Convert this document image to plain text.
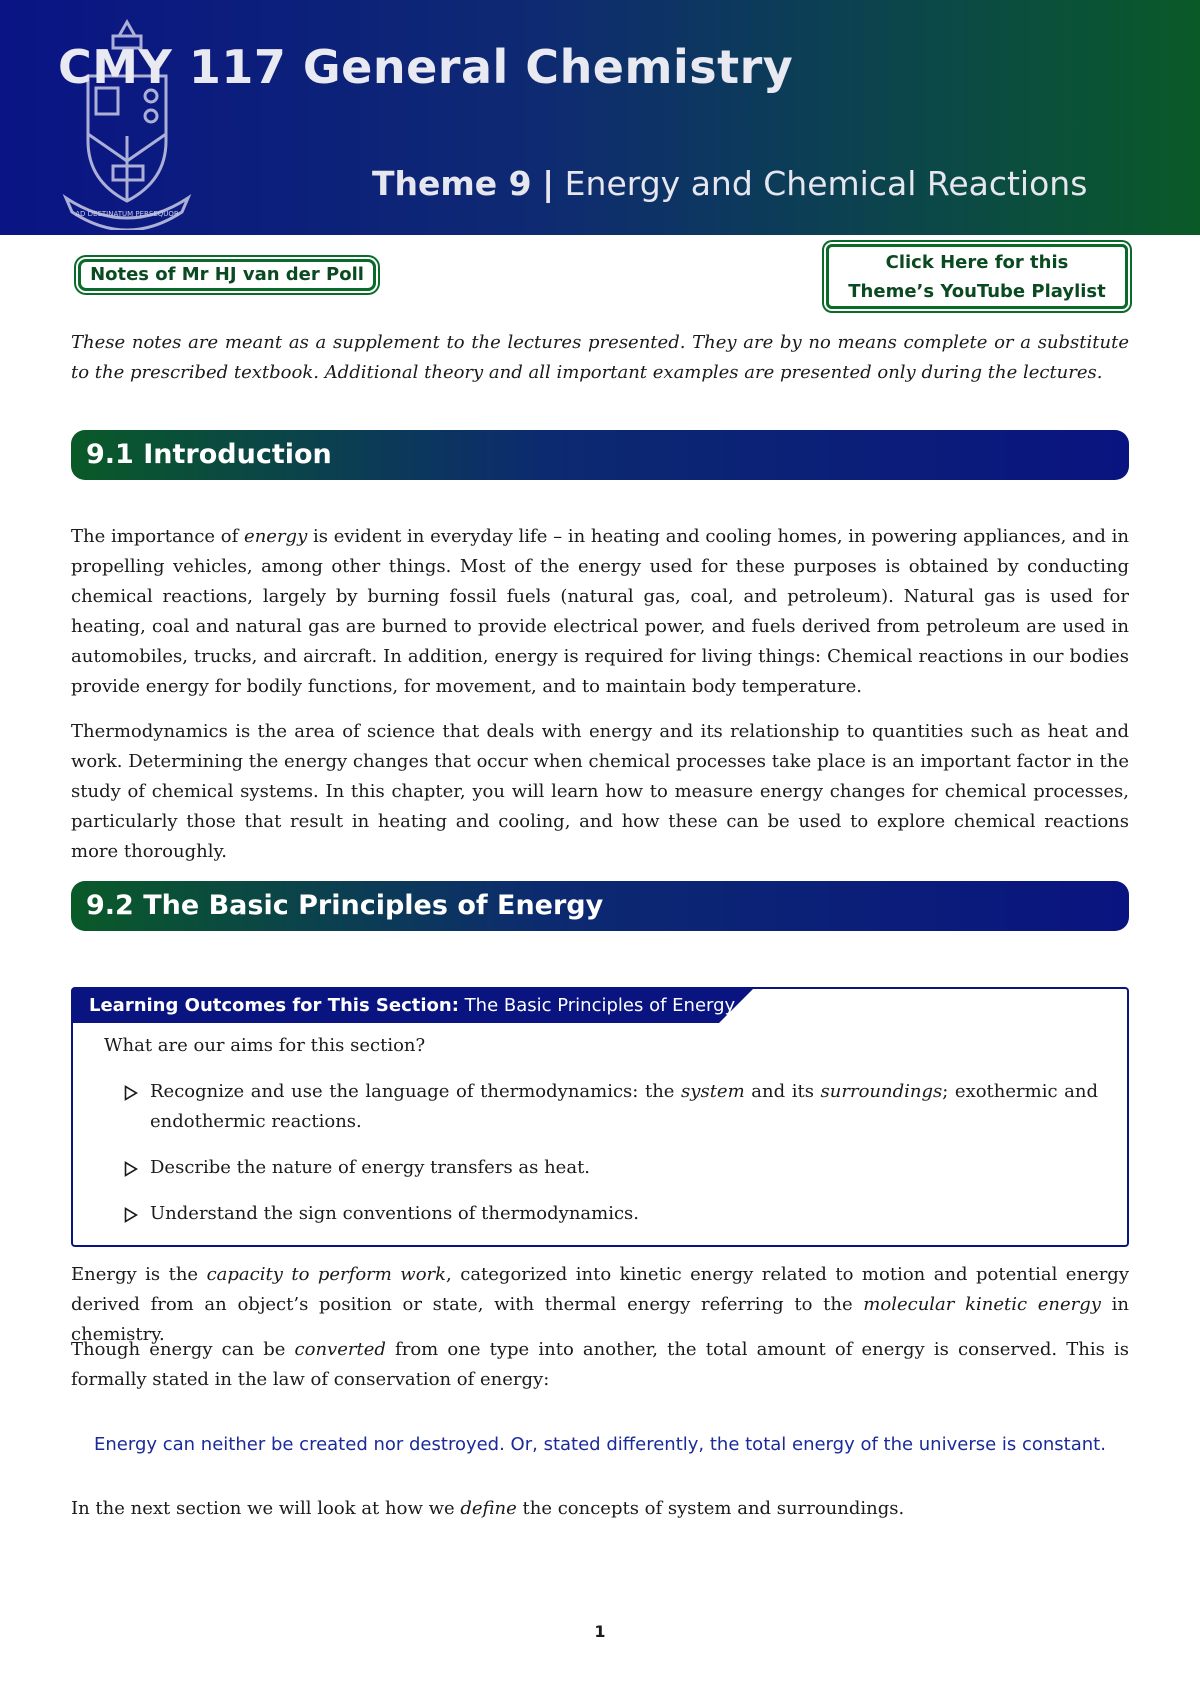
AD DESTINATUM PERSEQUOR
CMY 117 General Chemistry
Theme 9 | Energy and Chemical Reactions
Notes of Mr HJ van der Poll
Click Here for this
Theme’s YouTube Playlist

These notes are meant as a supplement to the lectures presented. They are by no means complete or a substitute to the prescribed textbook. Additional theory and all important examples are presented only during the lectures.

9.1 Introduction

The importance of energy is evident in everyday life – in heating and cooling homes, in powering appliances, and in propelling vehicles, among other things. Most of the energy used for these purposes is obtained by conducting chemical reactions, largely by burning fossil fuels (natural gas, coal, and petroleum). Natural gas is used for heating, coal and natural gas are burned to provide electrical power, and fuels derived from petroleum are used in automobiles, trucks, and aircraft. In addition, energy is required for living things: Chemical reactions in our bodies provide energy for bodily functions, for movement, and to maintain body temperature.

Thermodynamics is the area of science that deals with energy and its relationship to quantities such as heat and work. Determining the energy changes that occur when chemical processes take place is an important factor in the study of chemical systems. In this chapter, you will learn how to measure energy changes for chemical processes, particularly those that result in heating and cooling, and how these can be used to explore chemical reactions more thoroughly.

9.2 The Basic Principles of Energy
Learning Outcomes for This Section: The Basic Principles of Energy
What are our aims for this section?
Recognize and use the language of thermodynamics: the system and its surroundings; exothermic and endothermic reactions.
Describe the nature of energy transfers as heat.
Understand the sign conventions of thermodynamics.

Energy is the capacity to perform work, categorized into kinetic energy related to motion and potential energy derived from an object’s position or state, with thermal energy referring to the molecular kinetic energy in chemistry.

Though energy can be converted from one type into another, the total amount of energy is conserved. This is formally stated in the law of conservation of energy:

Energy can neither be created nor destroyed. Or, stated differently, the total energy of the universe is constant.

In the next section we will look at how we define the concepts of system and surroundings.

1
